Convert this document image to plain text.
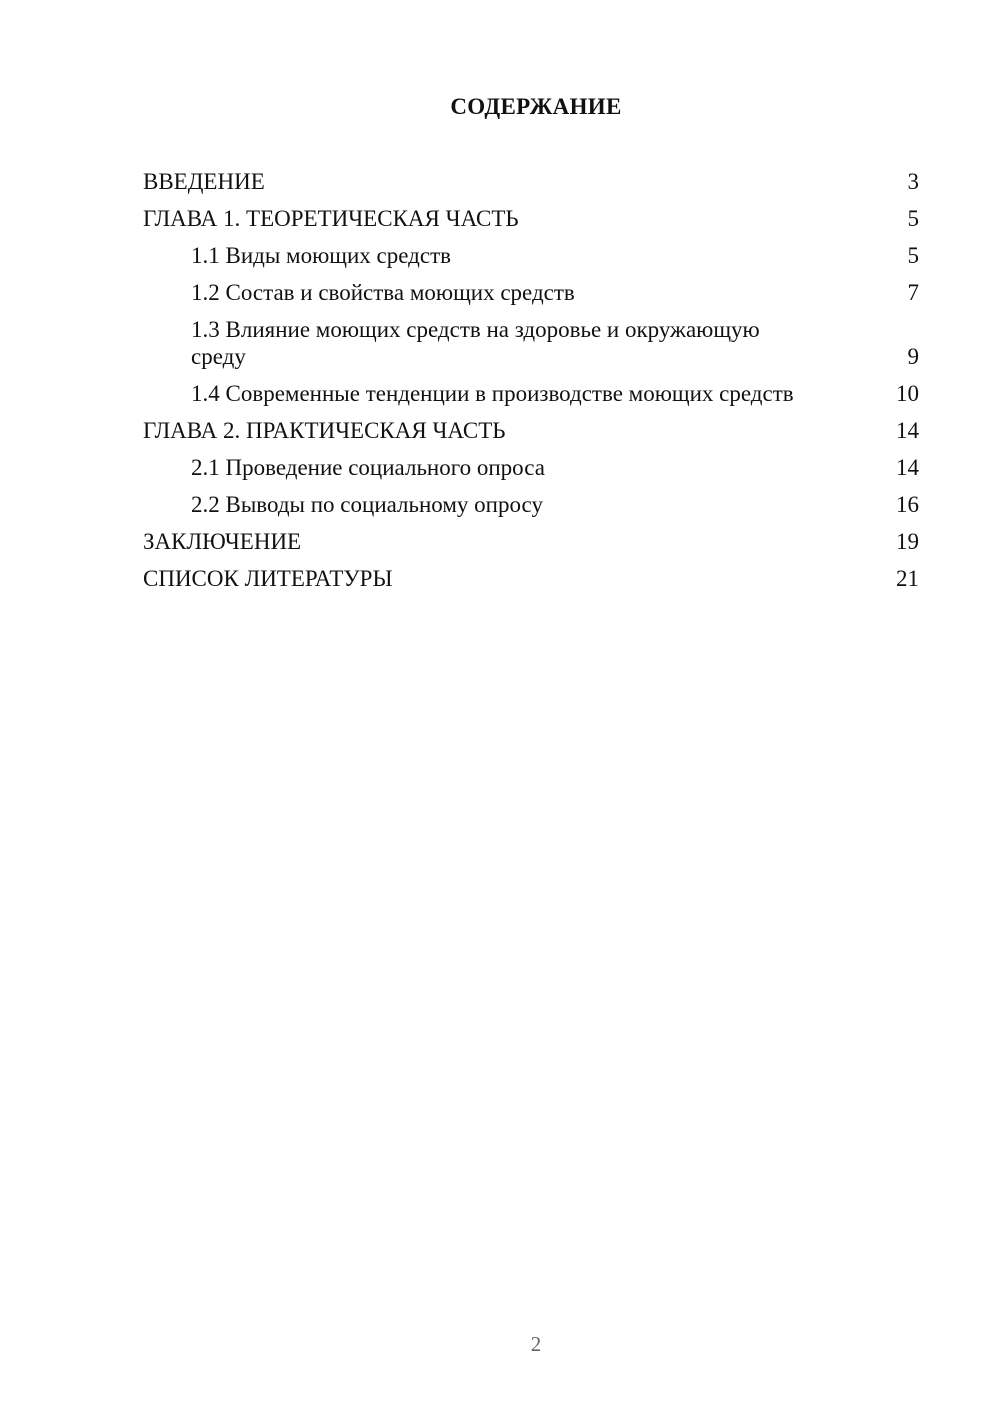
СОДЕРЖАНИЕ
ВВЕДЕНИЕ	3
ГЛАВА 1. ТЕОРЕТИЧЕСКАЯ ЧАСТЬ	5
1.1 Виды моющих средств	5
1.2 Состав и свойства моющих средств	7
1.3 Влияние моющих средств на здоровье и окружающую среду	9
1.4 Современные тенденции в производстве моющих средств	10
ГЛАВА 2. ПРАКТИЧЕСКАЯ ЧАСТЬ	14
2.1 Проведение социального опроса	14
2.2 Выводы по социальному опросу	16
ЗАКЛЮЧЕНИЕ	19
СПИСОК ЛИТЕРАТУРЫ	21

2
